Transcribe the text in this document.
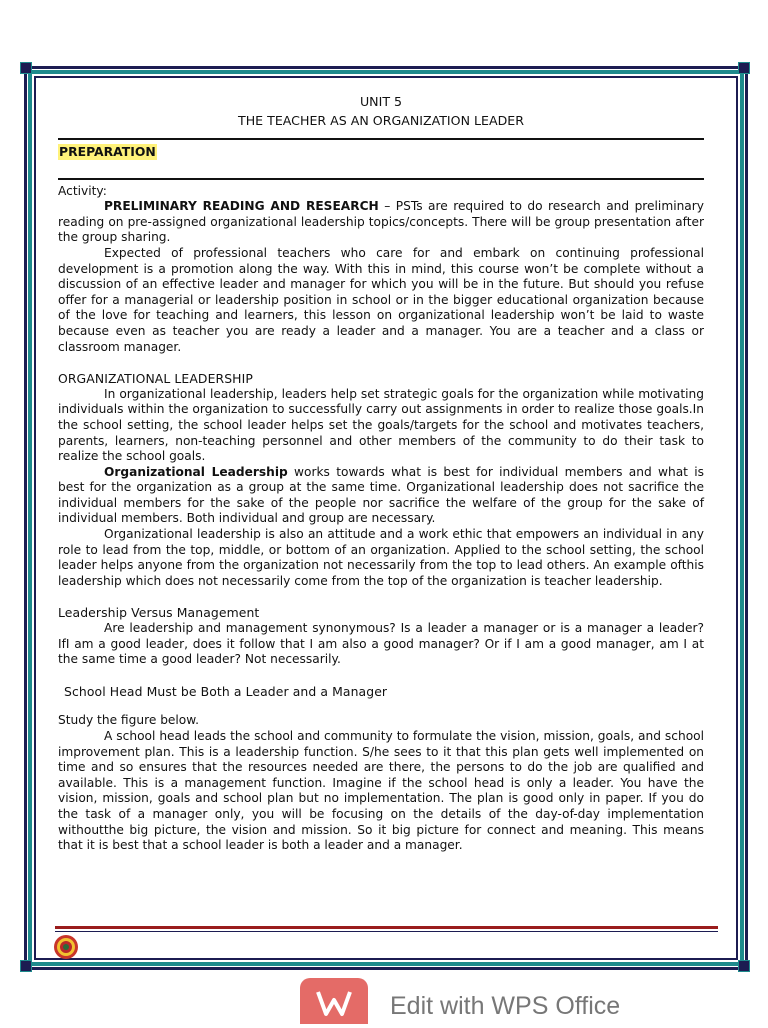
UNIT 5
THE TEACHER AS AN ORGANIZATION LEADER
PREPARATION
Activity:

PRELIMINARY READING AND RESEARCH – PSTs are required to do research and preliminary reading on pre-assigned organizational leadership topics/concepts. There will be group presentation after the group sharing.

Expected of professional teachers who care for and embark on continuing professional development is a promotion along the way. With this in mind, this course won’t be complete without a discussion of an effective leader and manager for which you will be in the future. But should you refuse offer for a managerial or leadership position in school or in the bigger educational organization because of the love for teaching and learners, this lesson on organizational leadership won’t be laid to waste because even as teacher you are ready a leader and a manager. You are a teacher and a class or classroom manager.

ORGANIZATIONAL LEADERSHIP

In organizational leadership, leaders help set strategic goals for the organization while motivating individuals within the organization to successfully carry out assignments in order to realize those goals.In the school setting, the school leader helps set the goals/targets for the school and motivates teachers, parents, learners, non-teaching personnel and other members of the community to do their task to realize the school goals.

Organizational Leadership works towards what is best for individual members and what is best for the organization as a group at the same time. Organizational leadership does not sacrifice the individual members for the sake of the people nor sacrifice the welfare of the group for the sake of individual members. Both individual and group are necessary.

Organizational leadership is also an attitude and a work ethic that empowers an individual in any role to lead from the top, middle, or bottom of an organization. Applied to the school setting, the school leader helps anyone from the organization not necessarily from the top to lead others. An example ofthis leadership which does not necessarily come from the top of the organization is teacher leadership.

Leadership Versus Management

Are leadership and management synonymous? Is a leader a manager or is a manager a leader? IfI am a good leader, does it follow that I am also a good manager? Or if I am a good manager, am I at the same time a good leader? Not necessarily.

School Head Must be Both a Leader and a Manager
Study the figure below.

A school head leads the school and community to formulate the vision, mission, goals, and school improvement plan. This is a leadership function. S/he sees to it that this plan gets well implemented on time and so ensures that the resources needed are there, the persons to do the job are qualified and available. This is a management function. Imagine if the school head is only a leader. You have the vision, mission, goals and school plan but no implementation. The plan is good only in paper. If you do the task of a manager only, you will be focusing on the details of the day-of-day implementation withoutthe big picture, the vision and mission. So it big picture for connect and meaning. This means that it is best that a school leader is both a leader and a manager.

Edit with WPS Office
